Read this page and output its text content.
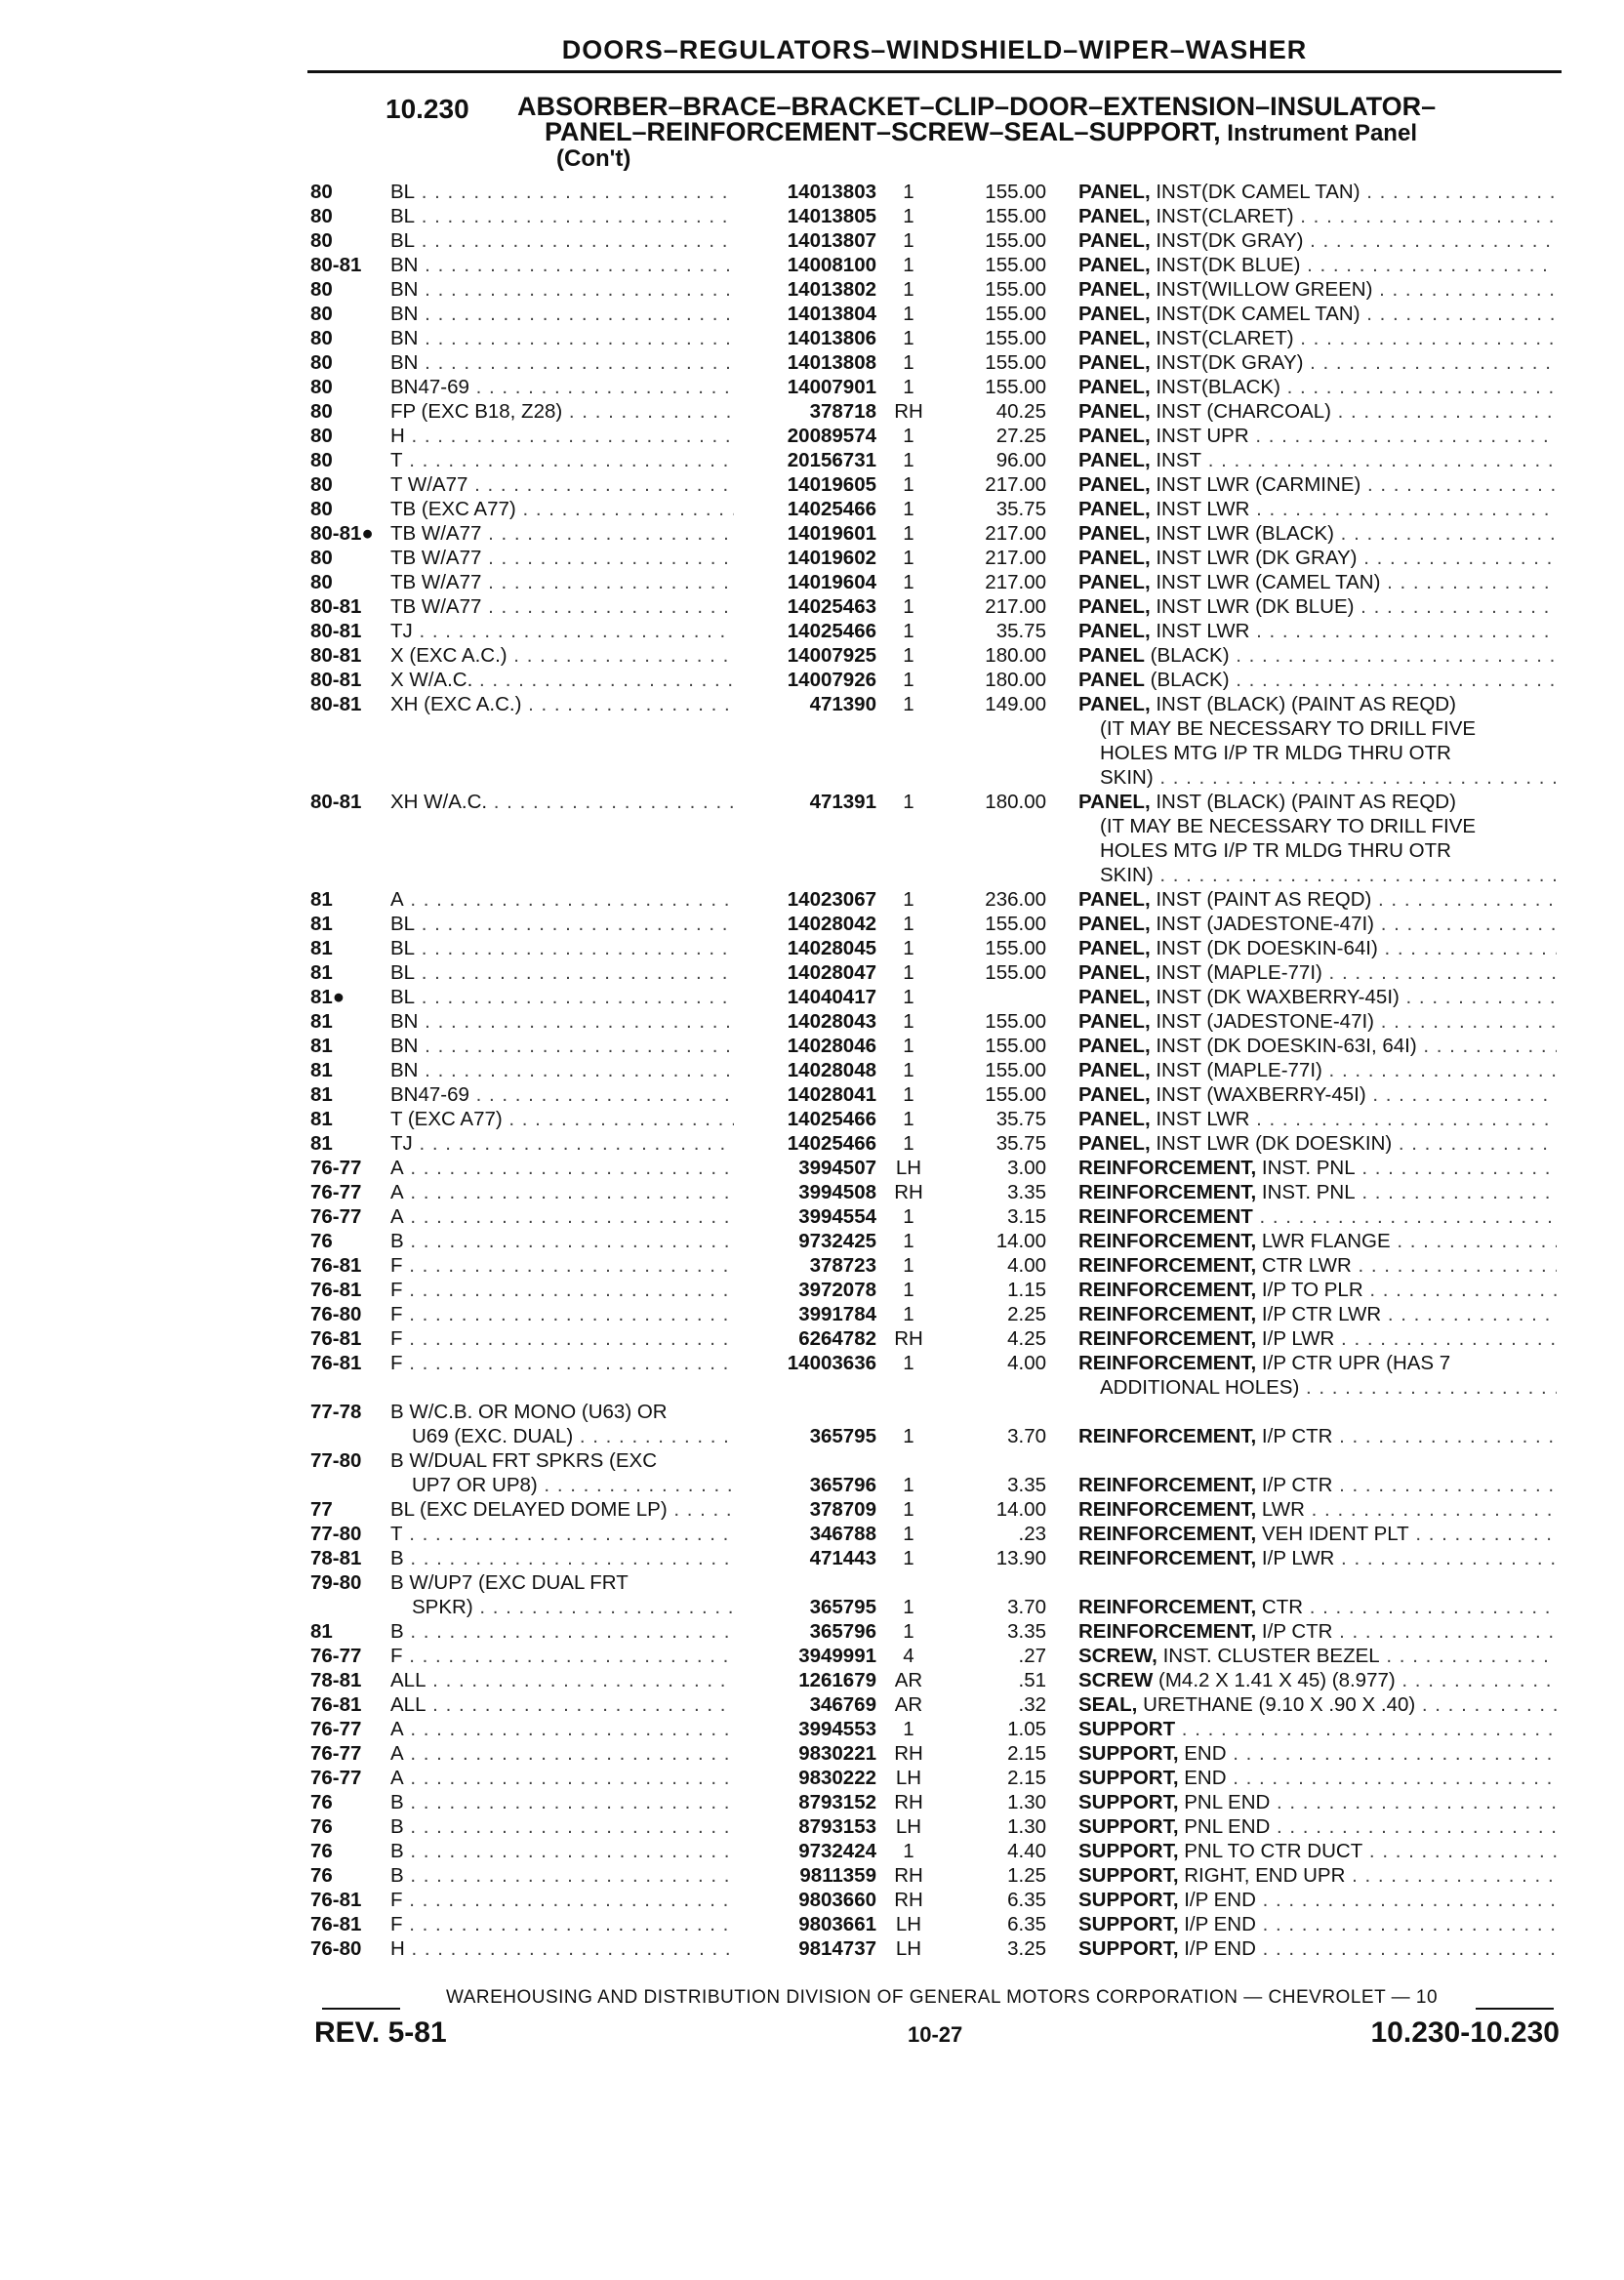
DOORS–REGULATORS–WINDSHIELD–WIPER–WASHER
10.230 ABSORBER–BRACE–BRACKET–CLIP–DOOR–EXTENSION–INSULATOR–
PANEL–REINFORCEMENT–SCREW–SEAL–SUPPORT, Instrument Panel
(Con't)
80	BL . . .	14013803	1	155.00 PANEL, INST(DK CAMEL TAN) . . .
80	BL . . .	14013805	1	155.00 PANEL, INST(CLARET) . . .
80	BL . . .	14013807	1	155.00 PANEL, INST(DK GRAY) . . .
80-81 BN . . .	14008100	1	155.00 PANEL, INST(DK BLUE) . . .
80	BN . . .	14013802	1	155.00 PANEL, INST(WILLOW GREEN) . . .
80	BN . . .	14013804	1	155.00 PANEL, INST(DK CAMEL TAN) . . .
80	BN . . .	14013806	1	155.00 PANEL, INST(CLARET) . . .
80	BN . . .	14013808	1	155.00 PANEL, INST(DK GRAY) . . .
80	BN47-69 . . .	14007901	1	155.00 PANEL, INST(BLACK) . . .
80	FP (EXC B18, Z28) . . .	378718 RH	40.25 PANEL, INST (CHARCOAL) . . .
80	H . . .	20089574	1	27.25 PANEL, INST UPR . . .
80	T . . .	20156731	1	96.00 PANEL, INST . . .
80	T W/A77 . . .	14019605	1	217.00 PANEL, INST LWR (CARMINE) . . .
80	TB (EXC A77) . . .	14025466	1	35.75 PANEL, INST LWR . . .
80-81● TB W/A77 . . .	14019601	1	217.00 PANEL, INST LWR (BLACK) . . .
80	TB W/A77 . . .	14019602	1	217.00 PANEL, INST LWR (DK GRAY) . . .
80	TB W/A77 . . .	14019604	1	217.00 PANEL, INST LWR (CAMEL TAN) . . .
80-81 TB W/A77 . . .	14025463	1	217.00 PANEL, INST LWR (DK BLUE) . . .
80-81 TJ . . .	14025466	1	35.75 PANEL, INST LWR . . .
80-81 X (EXC A.C.) . . .	14007925	1	180.00 PANEL (BLACK) . . .
80-81 X W/A.C. . . .	14007926	1	180.00 PANEL (BLACK) . . .
80-81 XH (EXC A.C.) . . .	471390	1	149.00 PANEL, INST (BLACK) (PAINT AS REQD)
(IT MAY BE NECESSARY TO DRILL FIVE
HOLES MTG I/P TR MLDG THRU OTR
SKIN) . . .
80-81 XH W/A.C. . . .	471391	1	180.00 PANEL, INST (BLACK) (PAINT AS REQD)
(IT MAY BE NECESSARY TO DRILL FIVE
HOLES MTG I/P TR MLDG THRU OTR
SKIN) . . .
81	A . . .	14023067	1	236.00 PANEL, INST (PAINT AS REQD) . . .
81	BL . . .	14028042	1	155.00 PANEL, INST (JADESTONE-47I) . . .
81	BL . . .	14028045	1	155.00 PANEL, INST (DK DOESKIN-64I) . . .
81	BL . . .	14028047	1	155.00 PANEL, INST (MAPLE-77I) . . .
81● BL . . .	14040417	1	PANEL, INST (DK WAXBERRY-45I) . . .
81	BN . . .	14028043	1	155.00 PANEL, INST (JADESTONE-47I) . . .
81	BN . . .	14028046	1	155.00 PANEL, INST (DK DOESKIN-63I, 64I) . . .
81	BN . . .	14028048	1	155.00 PANEL, INST (MAPLE-77I) . . .
81	BN47-69 . . .	14028041	1	155.00 PANEL, INST (WAXBERRY-45I) . . .
81	T (EXC A77) . . .	14025466	1	35.75 PANEL, INST LWR . . .
81	TJ . . .	14025466	1	35.75 PANEL, INST LWR (DK DOESKIN) . . .
76-77 A . . .	3994507 LH	3.00 REINFORCEMENT, INST. PNL . . .
76-77 A . . .	3994508 RH	3.35 REINFORCEMENT, INST. PNL . . .
76-77 A . . .	3994554	1	3.15 REINFORCEMENT . . .
76	B . . .	9732425	1	14.00 REINFORCEMENT, LWR FLANGE . . .
76-81 F . . .	378723	1	4.00 REINFORCEMENT, CTR LWR . . .
76-81 F . . .	3972078	1	1.15 REINFORCEMENT, I/P TO PLR . . .
76-80 F . . .	3991784	1	2.25 REINFORCEMENT, I/P CTR LWR . . .
76-81 F . . .	6264782 RH	4.25 REINFORCEMENT, I/P LWR . . .
76-81 F . . .	14003636	1	4.00 REINFORCEMENT, I/P CTR UPR (HAS 7
ADDITIONAL HOLES) . . .
77-78 B W/C.B. OR MONO (U63) OR
U69 (EXC. DUAL) . . .	365795	1	3.70 REINFORCEMENT, I/P CTR . . .
77-80 B W/DUAL FRT SPKRS (EXC
UP7 OR UP8) . . .	365796	1	3.35 REINFORCEMENT, I/P CTR . . .
77	BL (EXC DELAYED DOME LP) . . .	378709	1	14.00 REINFORCEMENT, LWR . . .
77-80 T . . .	346788	1	.23 REINFORCEMENT, VEH IDENT PLT . . .
78-81 B . . .	471443	1	13.90 REINFORCEMENT, I/P LWR . . .
79-80 B W/UP7 (EXC DUAL FRT
SPKR) . . .	365795	1	3.70 REINFORCEMENT, CTR . . .
81	B . . .	365796	1	3.35 REINFORCEMENT, I/P CTR . . .
76-77 F . . .	3949991	4	.27 SCREW, INST. CLUSTER BEZEL . . .
78-81 ALL . . .	1261679 AR	.51 SCREW (M4.2 X 1.41 X 45) (8.977) . . .
76-81 ALL . . .	346769 AR	.32 SEAL, URETHANE (9.10 X .90 X .40) . . .
76-77 A . . .	3994553	1	1.05 SUPPORT . . .
76-77 A . . .	9830221 RH	2.15 SUPPORT, END . . .
76-77 A . . .	9830222 LH	2.15 SUPPORT, END . . .
76	B . . .	8793152 RH	1.30 SUPPORT, PNL END . . .
76	B . . .	8793153 LH	1.30 SUPPORT, PNL END . . .
76	B . . .	9732424	1	4.40 SUPPORT, PNL TO CTR DUCT . . .
76	B . . .	9811359 RH	1.25 SUPPORT, RIGHT, END UPR . . .
76-81 F . . .	9803660 RH	6.35 SUPPORT, I/P END . . .
76-81 F . . .	9803661 LH	6.35 SUPPORT, I/P END . . .
76-80 H . . .	9814737 LH	3.25 SUPPORT, I/P END . . .
WAREHOUSING AND DISTRIBUTION DIVISION OF GENERAL MOTORS CORPORATION — CHEVROLET — 10
REV. 5-81	10-27	10.230-10.230
